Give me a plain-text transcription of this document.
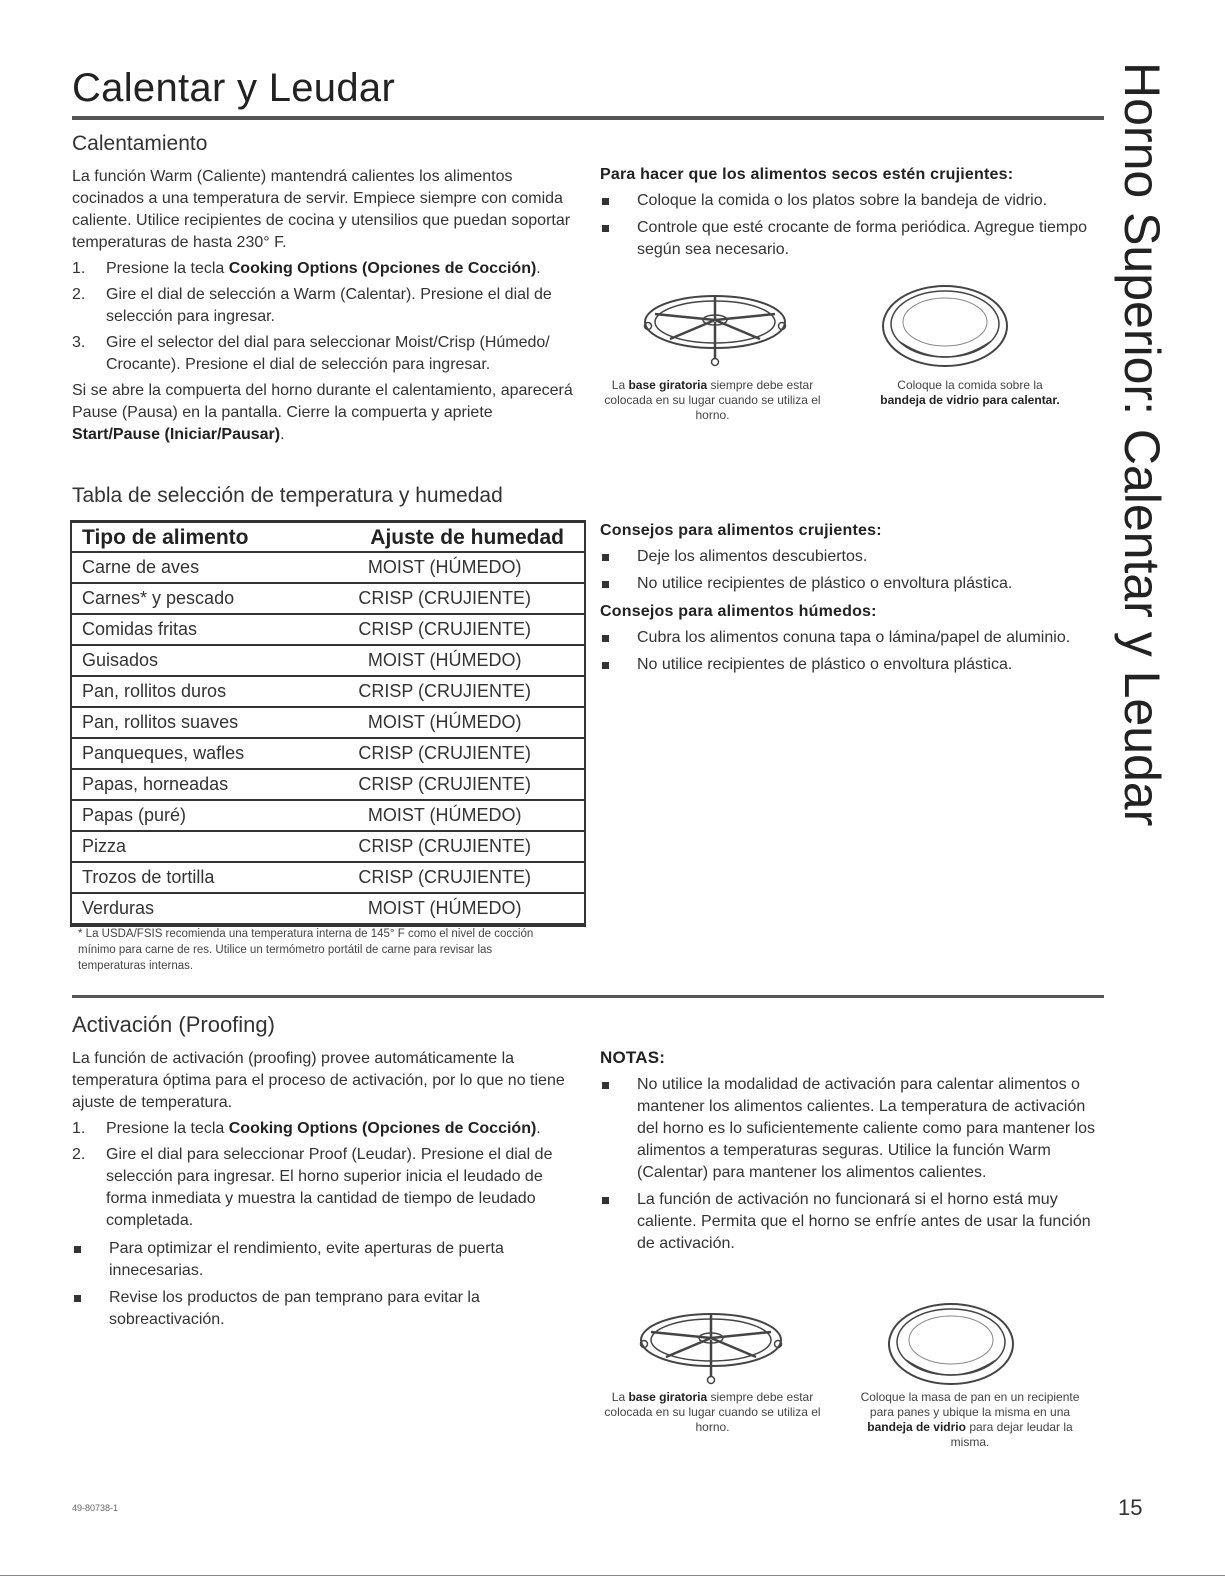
Calentar y Leudar	Horno Superior: Calentar y Leudar
Calentamiento

La función Warm (Caliente) mantendrá calientes los alimentos cocinados a una temperatura de servir. Empiece siempre con comida caliente. Utilice recipientes de cocina y utensilios que puedan soportar temperaturas de hasta 230° F.

1. Presione la tecla Cooking Options (Opciones de Cocción).
2. Gire el dial de selección a Warm (Calentar). Presione el dial de selección para ingresar.
3. Gire el selector del dial para seleccionar Moist/Crisp (Húmedo/ Crocante). Presione el dial de selección para ingresar.

Si se abre la compuerta del horno durante el calentamiento, aparecerá Pause (Pausa) en la pantalla. Cierre la compuerta y apriete Start/Pause (Iniciar/Pausar).

Para hacer que los alimentos secos estén crujientes:

Coloque la comida o los platos sobre la bandeja de vidrio.
Controle que esté crocante de forma periódica. Agregue tiempo según sea necesario.
La base giratoria siempre debe estar colocada en su lugar cuando se utiliza el horno.
Coloque la comida sobre la
bandeja de vidrio para calentar.
Tabla de selección de temperatura y humedad
Tipo de alimento	Ajuste de humedad
Carne de aves	MOIST (HÚMEDO)
Carnes* y pescado	CRISP (CRUJIENTE)
Comidas fritas	CRISP (CRUJIENTE)
Guisados	MOIST (HÚMEDO)
Pan, rollitos duros	CRISP (CRUJIENTE)
Pan, rollitos suaves	MOIST (HÚMEDO)
Panqueques, wafles	CRISP (CRUJIENTE)
Papas, horneadas	CRISP (CRUJIENTE)
Papas (puré)	MOIST (HÚMEDO)
Pizza	CRISP (CRUJIENTE)
Trozos de tortilla	CRISP (CRUJIENTE)
Verduras	MOIST (HÚMEDO)
* La USDA/FSIS recomienda una temperatura interna de 145° F como el nivel de cocción mínimo para carne de res. Utilice un termómetro portátil de carne para revisar las temperaturas internas.

Consejos para alimentos crujientes:

Deje los alimentos descubiertos.
No utilice recipientes de plástico o envoltura plástica.

Consejos para alimentos húmedos:

Cubra los alimentos conuna tapa o lámina/papel de aluminio.
No utilice recipientes de plástico o envoltura plástica.
Activación (Proofing)

La función de activación (proofing) provee automáticamente la temperatura óptima para el proceso de activación, por lo que no tiene ajuste de temperatura.

1. Presione la tecla Cooking Options (Opciones de Cocción).
2. Gire el dial para seleccionar Proof (Leudar). Presione el dial de selección para ingresar. El horno superior inicia el leudado de forma inmediata y muestra la cantidad de tiempo de leudado completada.
Para optimizar el rendimiento, evite aperturas de puerta innecesarias.
Revise los productos de pan temprano para evitar la sobreactivación.

NOTAS:

No utilice la modalidad de activación para calentar alimentos o mantener los alimentos calientes. La temperatura de activación del horno es lo suficientemente caliente como para mantener los alimentos a temperaturas seguras. Utilice la función Warm (Calentar) para mantener los alimentos calientes.
La función de activación no funcionará si el horno está muy caliente. Permita que el horno se enfríe antes de usar la función de activación.
La base giratoria siempre debe estar colocada en su lugar cuando se utiliza el horno.
Coloque la masa de pan en un recipiente para panes y ubique la misma en una bandeja de vidrio para dejar leudar la misma.
49-80738-1	15
